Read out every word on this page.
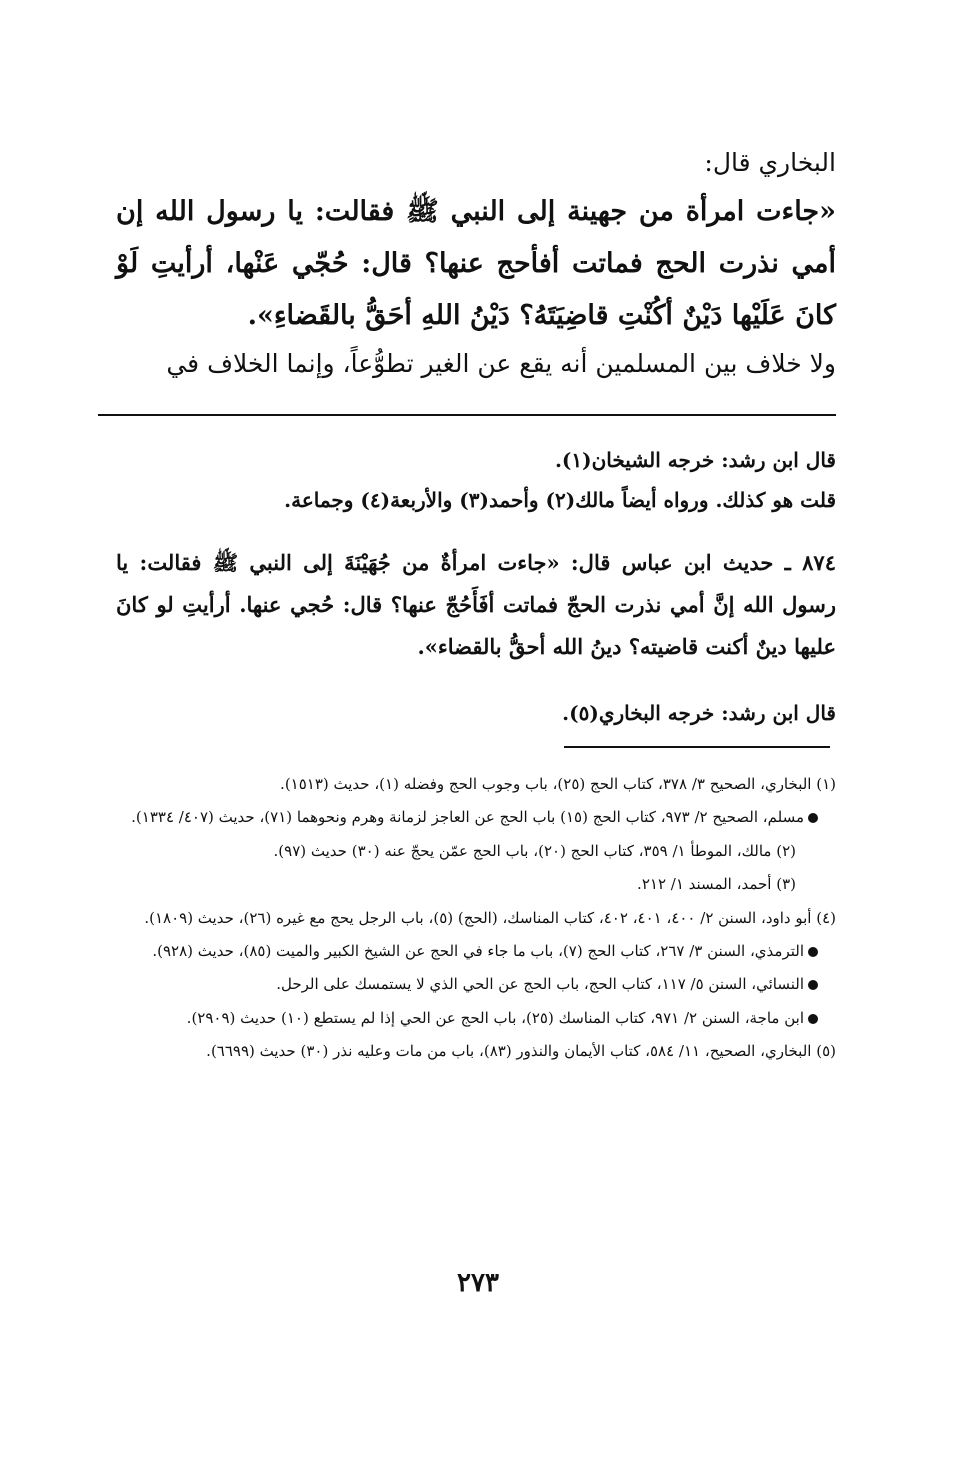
البخاري قال:
«جاءت امرأة من جهينة إلى النبي ﷺ فقالت: يا رسول الله إن أمي نذرت الحج فماتت أفأحج عنها؟ قال: حُجّي عَنْها، أرأيتِ لَوْ كانَ عَلَيْها دَيْنٌ أكُنْتِ قاضِيَتَهُ؟ دَيْنُ اللهِ أحَقُّ بالقَضاءِ».
ولا خلاف بين المسلمين أنه يقع عن الغير تطوُّعاً، وإنما الخلاف في

قال ابن رشد: خرجه الشيخان(١).

قلت هو كذلك. ورواه أيضاً مالك(٢) وأحمد(٣) والأربعة(٤) وجماعة.

٨٧٤ ـ حديث ابن عباس قال: «جاءت امرأةٌ من جُهَيْنَةَ إلى النبي ﷺ فقالت: يا رسول الله إنَّ أمي نذرت الحجّ فماتت أفَأَحُجّ عنها؟ قال: حُجي عنها. أرأيتِ لو كانَ عليها دينٌ أكنت قاضيته؟ دينُ الله أحقُّ بالقضاء».
قال ابن رشد: خرجه البخاري(٥).

(١) البخاري، الصحيح ٣/ ٣٧٨، كتاب الحج (٢٥)، باب وجوب الحج وفضله (١)، حديث (١٥١٣).

مسلم، الصحيح ٢/ ٩٧٣، كتاب الحج (١٥) باب الحج عن العاجز لزمانة وهرم ونحوهما (٧١)، حديث (٤٠٧/ ١٣٣٤).

(٢) مالك، الموطأ ١/ ٣٥٩، كتاب الحج (٢٠)، باب الحج عمّن يحجّ عنه (٣٠) حديث (٩٧).

(٣) أحمد، المسند ١/ ٢١٢.

(٤) أبو داود، السنن ٢/ ٤٠٠، ٤٠١، ٤٠٢، كتاب المناسك، (الحج) (٥)، باب الرجل يحج مع غيره (٢٦)، حديث (١٨٠٩).

الترمذي، السنن ٣/ ٢٦٧، كتاب الحج (٧)، باب ما جاء في الحج عن الشيخ الكبير والميت (٨٥)، حديث (٩٢٨).

النسائي، السنن ٥/ ١١٧، كتاب الحج، باب الحج عن الحي الذي لا يستمسك على الرحل.

ابن ماجة، السنن ٢/ ٩٧١، كتاب المناسك (٢٥)، باب الحج عن الحي إذا لم يستطع (١٠) حديث (٢٩٠٩).

(٥) البخاري، الصحيح، ١١/ ٥٨٤، كتاب الأيمان والنذور (٨٣)، باب من مات وعليه نذر (٣٠) حديث (٦٦٩٩).

٢٧٣
